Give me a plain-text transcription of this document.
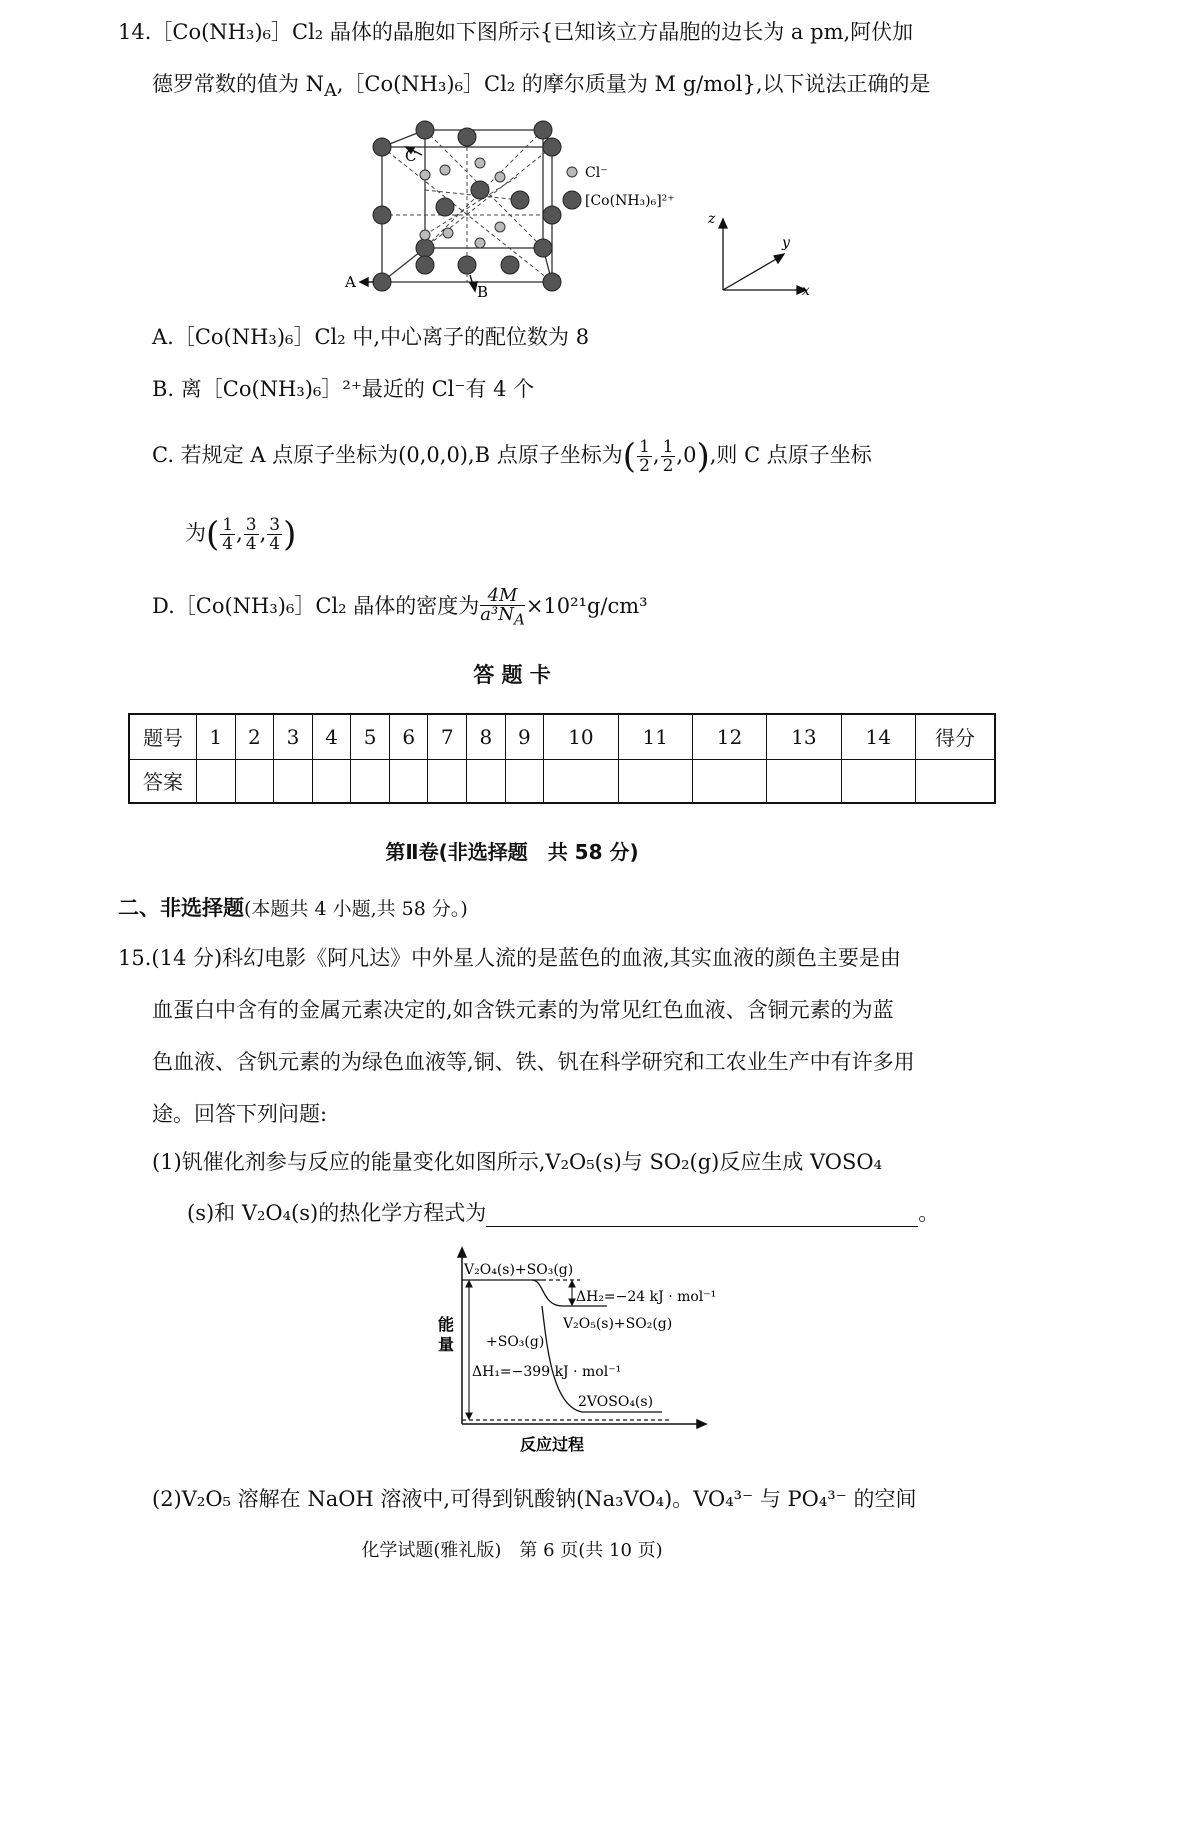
14.［Co(NH₃)₆］Cl₂ 晶体的晶胞如下图所示{已知该立方晶胞的边长为 a pm,阿伏加
德罗常数的值为 $N_A,[Co(NH_3)_6]Cl_2$ 的摩尔质量为 M g/mol},以下说法正确的是
C
A
B
Cl⁻
[Co(NH₃)₆]²⁺
z
y
x
A.［Co(NH₃)₆］Cl₂ 中,中心离子的配位数为 8
B. 离［Co(NH₃)₆］²⁺最近的 Cl⁻有 4 个
C. 若规定 A 点原子坐标为(0,0,0),B 点原子坐标为( $\frac{1}{2}$ , $\frac{1}{2} ,0$),则 C 点原子坐标
为( $\frac{1}{4}$ , $\frac{3}{4}$ , $\frac{3}{4}$ )
D.［Co(NH₃)₆］Cl₂ 晶体的密度为 $\frac{4M}{a^3N_A} \times 10^{21}g/cm^3$
答 题 卡
题号	1	2	3	4	5	6	7	8	9	10	11	12	13	14	得分
答案															
第Ⅱ卷(非选择题　共 58 分)
二、非选择题(本题共 4 小题,共 58 分。)
15.(14 分)科幻电影《阿凡达》中外星人流的是蓝色的血液,其实血液的颜色主要是由
血蛋白中含有的金属元素决定的,如含铁元素的为常见红色血液、含铜元素的为蓝
色血液、含钒元素的为绿色血液等,铜、铁、钒在科学研究和工农业生产中有许多用
途。回答下列问题:
(1)钒催化剂参与反应的能量变化如图所示,V₂O₅(s)与 SO₂(g)反应生成 VOSO₄
(s)和 V₂O₄(s)的热化学方程式为	。
V₂O₄(s)+SO₃(g)
ΔH₂=−24 kJ · mol⁻¹
V₂O₅(s)+SO₂(g)
+SO₃(g)
ΔH₁=−399 kJ · mol⁻¹
2VOSO₄(s)
能
量
反应过程
(2)V₂O₅ 溶解在 NaOH 溶液中,可得到钒酸钠(Na₃VO₄)。VO₄³⁻ 与 PO₄³⁻ 的空间
化学试题(雅礼版)　第 6 页(共 10 页)
